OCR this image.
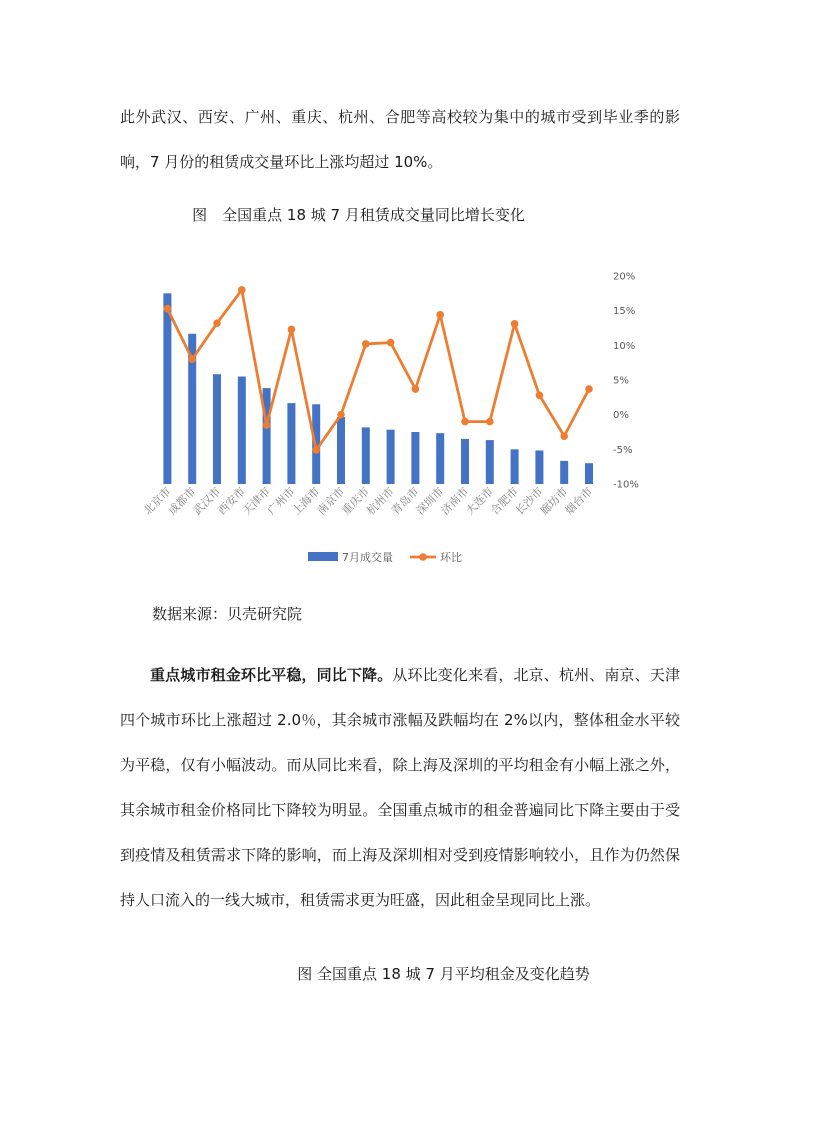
此外武汉、西安、广州、重庆、杭州、合肥等高校较为集中的城市受到毕业季的影响，7 月份的租赁成交量环比上涨均超过 10%。

图　全国重点 18 城 7 月租赁成交量同比增长变化

20%
15%
10%
5%
0%
-5%
-10%
北京市
成都市
武汉市
西安市
天津市
广州市
上海市
南京市
重庆市
杭州市
青岛市
深圳市
济南市
大连市
合肥市
长沙市
廊坊市
烟台市
7月成交量	环比

数据来源：贝壳研究院

重点城市租金环比平稳，同比下降。从环比变化来看，北京、杭州、南京、天津四个城市环比上涨超过 2.0％，其余城市涨幅及跌幅均在 2%以内，整体租金水平较为平稳，仅有小幅波动。而从同比来看，除上海及深圳的平均租金有小幅上涨之外，其余城市租金价格同比下降较为明显。全国重点城市的租金普遍同比下降主要由于受到疫情及租赁需求下降的影响，而上海及深圳相对受到疫情影响较小，且作为仍然保持人口流入的一线大城市，租赁需求更为旺盛，因此租金呈现同比上涨。

图 全国重点 18 城 7 月平均租金及变化趋势
